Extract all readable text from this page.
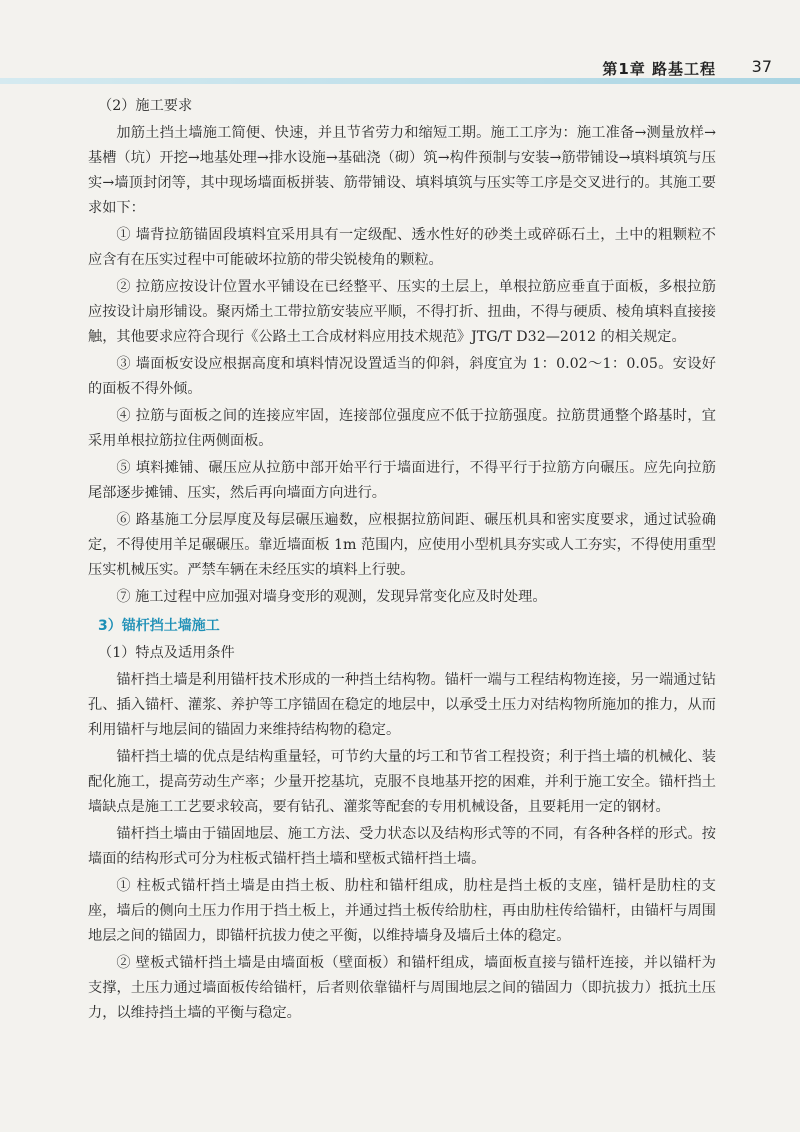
第1章 路基工程 37

（2）施工要求

加筋土挡土墙施工简便、快速，并且节省劳力和缩短工期。施工工序为：施工准备→测量放样→基槽（坑）开挖→地基处理→排水设施→基础浇（砌）筑→构件预制与安装→筋带铺设→填料填筑与压实→墙顶封闭等，其中现场墙面板拼装、筋带铺设、填料填筑与压实等工序是交叉进行的。其施工要求如下：

① 墙背拉筋锚固段填料宜采用具有一定级配、透水性好的砂类土或碎砾石土，土中的粗颗粒不应含有在压实过程中可能破坏拉筋的带尖锐棱角的颗粒。

② 拉筋应按设计位置水平铺设在已经整平、压实的土层上，单根拉筋应垂直于面板，多根拉筋应按设计扇形铺设。聚丙烯土工带拉筋安装应平顺，不得打折、扭曲，不得与硬质、棱角填料直接接触，其他要求应符合现行《公路土工合成材料应用技术规范》JTG/T D32—2012 的相关规定。

③ 墙面板安设应根据高度和填料情况设置适当的仰斜，斜度宜为 1：0.02～1：0.05。安设好的面板不得外倾。

④ 拉筋与面板之间的连接应牢固，连接部位强度应不低于拉筋强度。拉筋贯通整个路基时，宜采用单根拉筋拉住两侧面板。

⑤ 填料摊铺、碾压应从拉筋中部开始平行于墙面进行，不得平行于拉筋方向碾压。应先向拉筋尾部逐步摊铺、压实，然后再向墙面方向进行。

⑥ 路基施工分层厚度及每层碾压遍数，应根据拉筋间距、碾压机具和密实度要求，通过试验确定，不得使用羊足碾碾压。靠近墙面板 1m 范围内，应使用小型机具夯实或人工夯实，不得使用重型压实机械压实。严禁车辆在未经压实的填料上行驶。

⑦ 施工过程中应加强对墙身变形的观测，发现异常变化应及时处理。

3）锚杆挡土墙施工

（1）特点及适用条件

锚杆挡土墙是利用锚杆技术形成的一种挡土结构物。锚杆一端与工程结构物连接，另一端通过钻孔、插入锚杆、灌浆、养护等工序锚固在稳定的地层中，以承受土压力对结构物所施加的推力，从而利用锚杆与地层间的锚固力来维持结构物的稳定。

锚杆挡土墙的优点是结构重量轻，可节约大量的圬工和节省工程投资；利于挡土墙的机械化、装配化施工，提高劳动生产率；少量开挖基坑，克服不良地基开挖的困难，并利于施工安全。锚杆挡土墙缺点是施工工艺要求较高，要有钻孔、灌浆等配套的专用机械设备，且要耗用一定的钢材。

锚杆挡土墙由于锚固地层、施工方法、受力状态以及结构形式等的不同，有各种各样的形式。按墙面的结构形式可分为柱板式锚杆挡土墙和壁板式锚杆挡土墙。

① 柱板式锚杆挡土墙是由挡土板、肋柱和锚杆组成，肋柱是挡土板的支座，锚杆是肋柱的支座，墙后的侧向土压力作用于挡土板上，并通过挡土板传给肋柱，再由肋柱传给锚杆，由锚杆与周围地层之间的锚固力，即锚杆抗拔力使之平衡，以维持墙身及墙后土体的稳定。

② 壁板式锚杆挡土墙是由墙面板（壁面板）和锚杆组成，墙面板直接与锚杆连接，并以锚杆为支撑，土压力通过墙面板传给锚杆，后者则依靠锚杆与周围地层之间的锚固力（即抗拔力）抵抗土压力，以维持挡土墙的平衡与稳定。
